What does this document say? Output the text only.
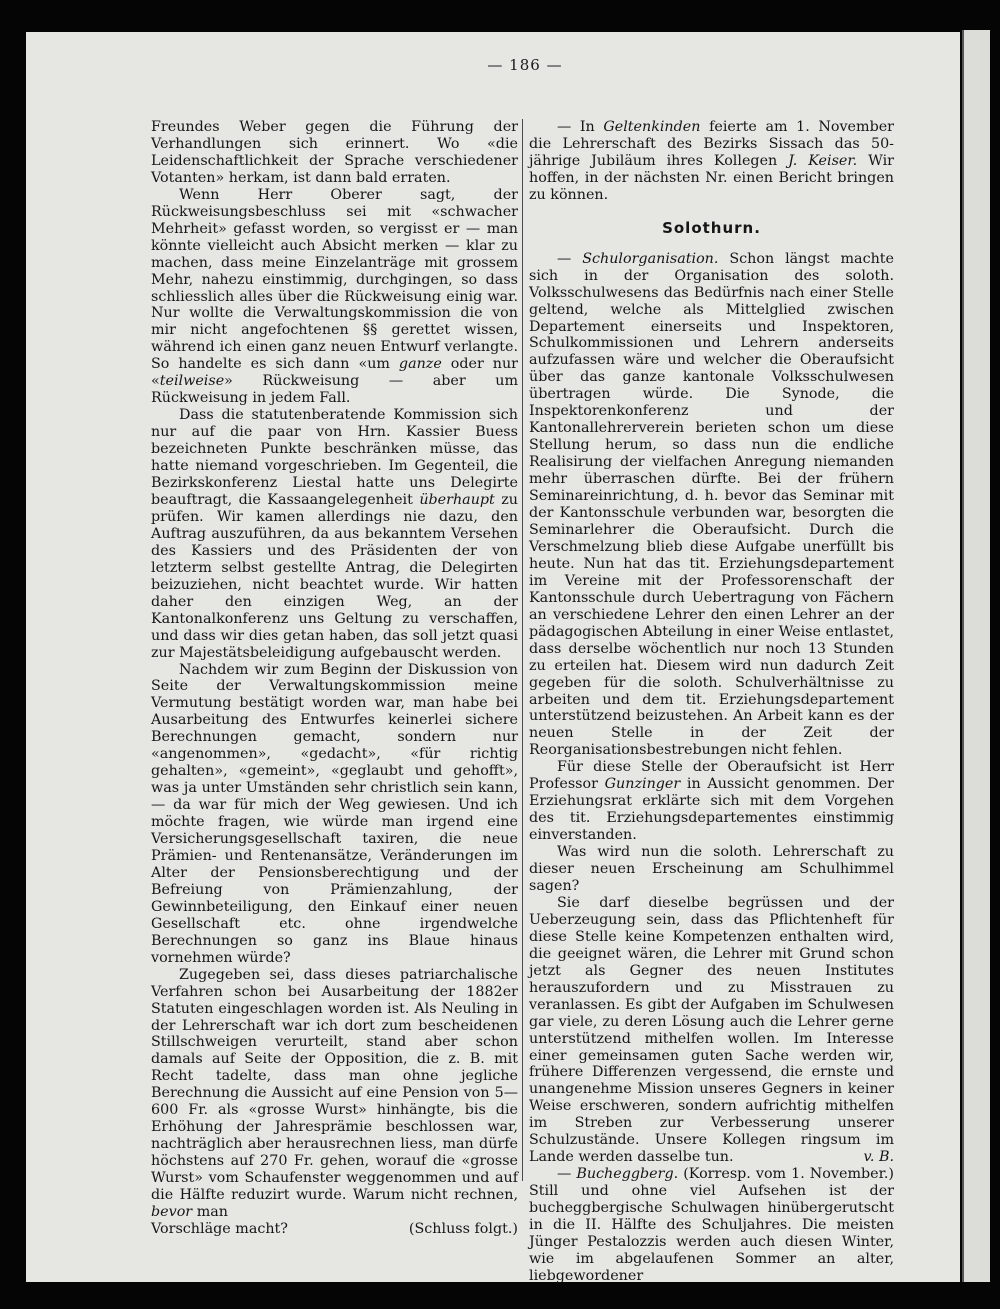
— 186 —

Freundes Weber gegen die Führung der Verhandlungen sich erinnert. Wo «die Leidenschaftlichkeit der Sprache verschiedener Votanten» herkam, ist dann bald erraten.

Wenn Herr Oberer sagt, der Rückweisungsbeschluss sei mit «schwacher Mehrheit» gefasst worden, so vergisst er — man könnte vielleicht auch Absicht merken — klar zu machen, dass meine Einzelanträge mit grossem Mehr, nahezu einstimmig, durchgingen, so dass schliesslich alles über die Rückweisung einig war. Nur wollte die Verwaltungskommission die von mir nicht angefochtenen §§ gerettet wissen, während ich einen ganz neuen Entwurf verlangte. So handelte es sich dann «um ganze oder nur «teilweise» Rückweisung — aber um Rückweisung in jedem Fall.

Dass die statutenberatende Kommission sich nur auf die paar von Hrn. Kassier Buess bezeichneten Punkte beschränken müsse, das hatte niemand vorgeschrieben. Im Gegenteil, die Bezirkskonferenz Liestal hatte uns Delegirte beauftragt, die Kassaangelegenheit überhaupt zu prüfen. Wir kamen allerdings nie dazu, den Auftrag auszuführen, da aus bekanntem Versehen des Kassiers und des Präsidenten der von letzterm selbst gestellte Antrag, die Delegirten beizuziehen, nicht beachtet wurde. Wir hatten daher den einzigen Weg, an der Kantonalkonferenz uns Geltung zu verschaffen, und dass wir dies getan haben, das soll jetzt quasi zur Majestätsbeleidigung aufgebauscht werden.

Nachdem wir zum Beginn der Diskussion von Seite der Verwaltungskommission meine Vermutung bestätigt worden war, man habe bei Ausarbeitung des Entwurfes keinerlei sichere Berechnungen gemacht, sondern nur «angenommen», «gedacht», «für richtig gehalten», «gemeint», «geglaubt und gehofft», was ja unter Umständen sehr christlich sein kann, — da war für mich der Weg gewiesen. Und ich möchte fragen, wie würde man irgend eine Versicherungsgesellschaft taxiren, die neue Prämien- und Rentenansätze, Veränderungen im Alter der Pensionsberechtigung und der Befreiung von Prämienzahlung, der Gewinnbeteiligung, den Einkauf einer neuen Gesellschaft etc. ohne irgendwelche Berechnungen so ganz ins Blaue hinaus vornehmen würde?

Zugegeben sei, dass dieses patriarchalische Verfahren schon bei Ausarbeitung der 1882er Statuten eingeschlagen worden ist. Als Neuling in der Lehrerschaft war ich dort zum bescheidenen Stillschweigen verurteilt, stand aber schon damals auf Seite der Opposition, die z. B. mit Recht tadelte, dass man ohne jegliche Berechnung die Aussicht auf eine Pension von 5—600 Fr. als «grosse Wurst» hinhängte, bis die Erhöhung der Jahresprämie beschlossen war, nachträglich aber herausrechnen liess, man dürfe höchstens auf 270 Fr. gehen, worauf die «grosse Wurst» vom Schaufenster weggenommen und auf die Hälfte reduzirt wurde. Warum nicht rechnen, bevor man

Vorschläge macht?	(Schluss folgt.)

— In Geltenkinden feierte am 1. November die Lehrerschaft des Bezirks Sissach das 50-jährige Jubiläum ihres Kollegen J. Keiser. Wir hoffen, in der nächsten Nr. einen Bericht bringen zu können.

Solothurn.

— Schulorganisation. Schon längst machte sich in der Organisation des soloth. Volksschulwesens das Bedürfnis nach einer Stelle geltend, welche als Mittelglied zwischen Departement einerseits und Inspektoren, Schulkommissionen und Lehrern anderseits aufzufassen wäre und welcher die Oberaufsicht über das ganze kantonale Volksschulwesen übertragen würde. Die Synode, die Inspektorenkonferenz und der Kantonallehrerverein berieten schon um diese Stellung herum, so dass nun die endliche Realisirung der vielfachen Anregung niemanden mehr überraschen dürfte. Bei der frühern Seminareinrichtung, d. h. bevor das Seminar mit der Kantonsschule verbunden war, besorgten die Seminarlehrer die Oberaufsicht. Durch die Verschmelzung blieb diese Aufgabe unerfüllt bis heute. Nun hat das tit. Erziehungsdepartement im Vereine mit der Professorenschaft der Kantonsschule durch Uebertragung von Fächern an verschiedene Lehrer den einen Lehrer an der pädagogischen Abteilung in einer Weise entlastet, dass derselbe wöchentlich nur noch 13 Stunden zu erteilen hat. Diesem wird nun dadurch Zeit gegeben für die soloth. Schulverhältnisse zu arbeiten und dem tit. Erziehungsdepartement unterstützend beizustehen. An Arbeit kann es der neuen Stelle in der Zeit der Reorganisationsbestrebungen nicht fehlen.

Für diese Stelle der Oberaufsicht ist Herr Professor Gunzinger in Aussicht genommen. Der Erziehungsrat erklärte sich mit dem Vorgehen des tit. Erziehungsdepartementes einstimmig einverstanden.

Was wird nun die soloth. Lehrerschaft zu dieser neuen Erscheinung am Schulhimmel sagen?

Sie darf dieselbe begrüssen und der Ueberzeugung sein, dass das Pflichtenheft für diese Stelle keine Kompetenzen enthalten wird, die geeignet wären, die Lehrer mit Grund schon jetzt als Gegner des neuen Institutes herauszufordern und zu Misstrauen zu veranlassen. Es gibt der Aufgaben im Schulwesen gar viele, zu deren Lösung auch die Lehrer gerne unterstützend mithelfen wollen. Im Interesse einer gemeinsamen guten Sache werden wir, frühere Differenzen vergessend, die ernste und unangenehme Mission unseres Gegners in keiner Weise erschweren, sondern aufrichtig mithelfen im Streben zur Verbesserung unserer Schulzustände. Unsere Kollegen ringsum im Lande werden dasselbe tun.	v. B.

— Bucheggberg. (Korresp. vom 1. November.) Still und ohne viel Aufsehen ist der bucheggbergische Schulwagen hinübergerutscht in die II. Hälfte des Schuljahres. Die meisten Jünger Pestalozzis werden auch diesen Winter, wie im abgelaufenen Sommer an alter, liebgewordener
